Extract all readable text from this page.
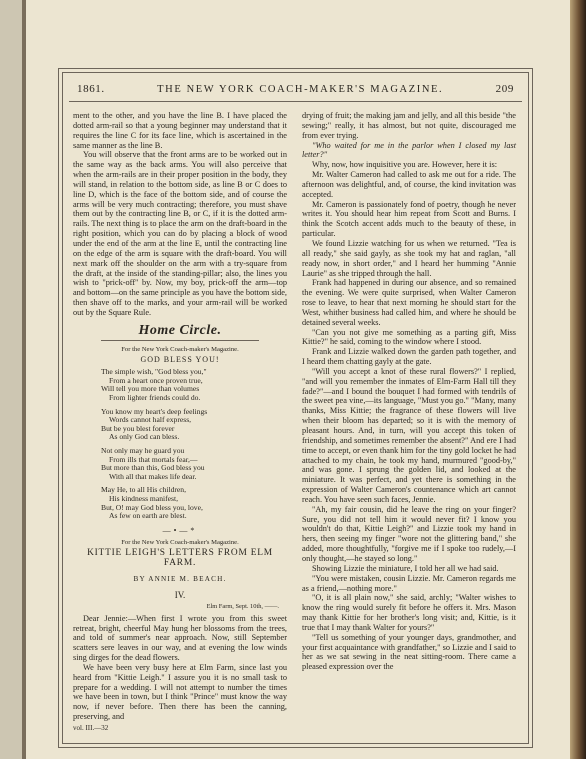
1861.	THE NEW YORK COACH-MAKER'S MAGAZINE.	209

ment to the other, and you have the line B. I have placed the dotted arm-rail so that a young beginner may understand that it requires the line C for its face line, which is ascertained in the same manner as the line B.

You will observe that the front arms are to be worked out in the same way as the back arms. You will also perceive that when the arm-rails are in their proper position in the body, they will stand, in relation to the bottom side, as line B or C does to line D, which is the face of the bottom side, and of course the arms will be very much contracting; therefore, you must shave them out by the contracting line B, or C, if it is the dotted arm-rails. The next thing is to place the arm on the draft-board in the right position, which you can do by placing a block of wood under the end of the arm at the line E, until the contracting line on the edge of the arm is square with the draft-board. You will next mark off the shoulder on the arm with a try-square from the draft, at the inside of the standing-pillar; also, the lines you wish to "prick-off" by. Now, my boy, prick-off the arm—top and bottom—on the same principle as you have the bottom side, then shave off to the marks, and your arm-rail will be worked out by the Square Rule.

Home Circle.
For the New York Coach-maker's Magazine.
GOD BLESS YOU!
The simple wish, "God bless you,"
From a heart once proven true,
Will tell you more than volumes
From lighter friends could do.
You know my heart's deep feelings
Words cannot half express,
But be you blest forever
As only God can bless.
Not only may he guard you
From ills that mortals fear,—
But more than this, God bless you
With all that makes life dear.
May He, to all His children,
His kindness manifest,
But, O! may God bless you, love,
As few on earth are blest.
—•—*
For the New York Coach-maker's Magazine.
KITTIE LEIGH'S LETTERS FROM ELM FARM.
BY ANNIE M. BEACH.
IV.
Elm Farm, Sept. 10th, ——.

Dear Jennie:—When first I wrote you from this sweet retreat, bright, cheerful May hung her blossoms from the trees, and told of summer's near approach. Now, still September scatters sere leaves in our way, and at evening the low winds sing dirges for the dead flowers.

We have been very busy here at Elm Farm, since last you heard from "Kittie Leigh." I assure you it is no small task to prepare for a wedding. I will not attempt to number the times we have been in town, but I think "Prince" must know the way now, if never before. Then there has been the canning, preserving, and

vol. III.—32

drying of fruit; the making jam and jelly, and all this beside "the sewing;" really, it has almost, but not quite, discouraged me from ever trying.

"Who waited for me in the parlor when I closed my last letter?"

Why, now, how inquisitive you are. However, here it is:

Mr. Walter Cameron had called to ask me out for a ride. The afternoon was delightful, and, of course, the kind invitation was accepted.

Mr. Cameron is passionately fond of poetry, though he never writes it. You should hear him repeat from Scott and Burns. I think the Scotch accent adds much to the beauty of these, in particular.

We found Lizzie watching for us when we returned. "Tea is all ready," she said gayly, as she took my hat and raglan, "all ready now, in short order," and I heard her humming "Annie Laurie" as she tripped through the hall.

Frank had happened in during our absence, and so remained the evening. We were quite surprised, when Walter Cameron rose to leave, to hear that next morning he should start for the West, whither business had called him, and where he should be detained several weeks.

"Can you not give me something as a parting gift, Miss Kittie?" he said, coming to the window where I stood.

Frank and Lizzie walked down the garden path together, and I heard them chatting gayly at the gate.

"Will you accept a knot of these rural flowers?" I replied, "and will you remember the inmates of Elm-Farm Hall till they fade?"—and I bound the bouquet I had formed with tendrils of the sweet pea vine,—its language, "Must you go." "Many, many thanks, Miss Kittie; the fragrance of these flowers will live when their bloom has departed; so it is with the memory of pleasant hours. And, in turn, will you accept this token of friendship, and sometimes remember the absent?" And ere I had time to accept, or even thank him for the tiny gold locket he had attached to my chain, he took my hand, murmured "good-by," and was gone. I sprung the golden lid, and looked at the miniature. It was perfect, and yet there is something in the expression of Walter Cameron's countenance which art cannot reach. You have seen such faces, Jennie.

"Ah, my fair cousin, did he leave the ring on your finger? Sure, you did not tell him it would never fit? I know you wouldn't do that, Kittie Leigh?" and Lizzie took my hand in hers, then seeing my finger "wore not the glittering band," she added, more thoughtfully, "forgive me if I spoke too rudely,—I only thought,—he stayed so long."

Showing Lizzie the miniature, I told her all we had said.

"You were mistaken, cousin Lizzie. Mr. Cameron regards me as a friend,—nothing more."

"O, it is all plain now," she said, archly; "Walter wishes to know the ring would surely fit before he offers it. Mrs. Mason may thank Kittie for her brother's long visit; and, Kittie, is it true that I may thank Walter for yours?"

"Tell us something of your younger days, grandmother, and your first acquaintance with grandfather," so Lizzie and I said to her as we sat sewing in the neat sitting-room. There came a pleased expression over the
